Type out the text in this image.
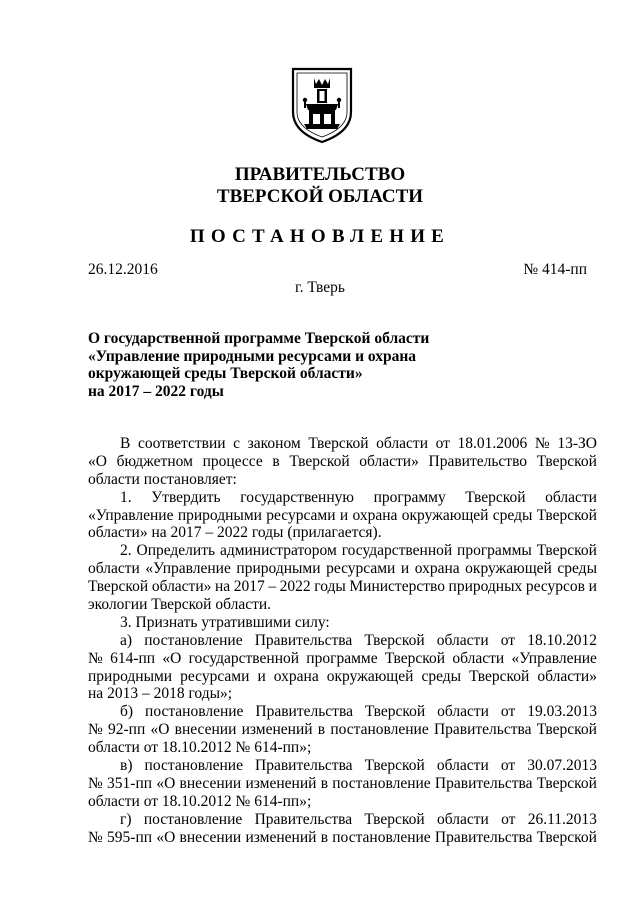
ПРАВИТЕЛЬСТВО
ТВЕРСКОЙ ОБЛАСТИ
ПОСТАНОВЛЕНИЕ
26.12.2016	№ 414-пп
г. Тверь
О государственной программе Тверской области
«Управление природными ресурсами и охрана
окружающей среды Тверской области»
на 2017 – 2022 годы
В соответствии с законом Тверской области от 18.01.2006 № 13-ЗО
«О бюджетном процессе в Тверской области» Правительство Тверской
области постановляет:
1. Утвердить государственную программу Тверской области
«Управление природными ресурсами и охрана окружающей среды Тверской
области» на 2017 – 2022 годы (прилагается).
2. Определить администратором государственной программы Тверской
области «Управление природными ресурсами и охрана окружающей среды
Тверской области» на 2017 – 2022 годы Министерство природных ресурсов и
экологии Тверской области.
3. Признать утратившими силу:
а) постановление Правительства Тверской области от 18.10.2012
№ 614-пп «О государственной программе Тверской области «Управление
природными ресурсами и охрана окружающей среды Тверской области»
на 2013 – 2018 годы»;
б) постановление Правительства Тверской области от 19.03.2013
№ 92-пп «О внесении изменений в постановление Правительства Тверской
области от 18.10.2012 № 614-пп»;
в) постановление Правительства Тверской области от 30.07.2013
№ 351-пп «О внесении изменений в постановление Правительства Тверской
области от 18.10.2012 № 614-пп»;
г) постановление Правительства Тверской области от 26.11.2013
№ 595-пп «О внесении изменений в постановление Правительства Тверской
